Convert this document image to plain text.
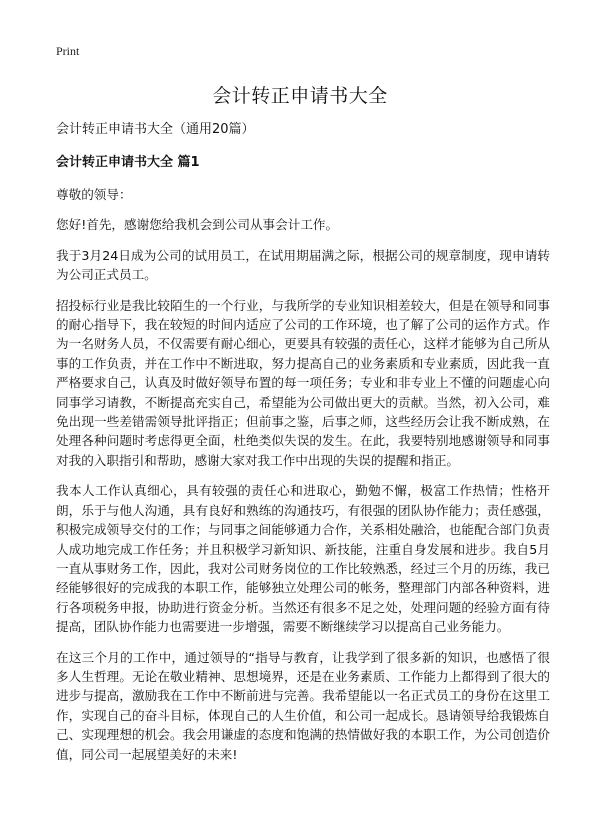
Print
会计转正申请书大全

会计转正申请书大全（通用20篇）

会计转正申请书大全 篇1

尊敬的领导：

您好!首先，感谢您给我机会到公司从事会计工作。

我于3月24日成为公司的试用员工，在试用期届满之际，根据公司的规章制度，现申请转为公司正式员工。

招投标行业是我比较陌生的一个行业，与我所学的专业知识相差较大，但是在领导和同事的耐心指导下，我在较短的时间内适应了公司的工作环境，也了解了公司的运作方式。作为一名财务人员，不仅需要有耐心细心，更要具有较强的责任心，这样才能够为自己所从事的工作负责，并在工作中不断进取，努力提高自己的业务素质和专业素质，因此我一直严格要求自己，认真及时做好领导布置的每一项任务；专业和非专业上不懂的问题虚心向同事学习请教，不断提高充实自己，希望能为公司做出更大的贡献。当然，初入公司，难免出现一些差错需领导批评指正；但前事之鉴，后事之师，这些经历会让我不断成熟，在处理各种问题时考虑得更全面，杜绝类似失误的发生。在此，我要特别地感谢领导和同事对我的入职指引和帮助，感谢大家对我工作中出现的失误的提醒和指正。

我本人工作认真细心，具有较强的责任心和进取心，勤勉不懈，极富工作热情；性格开朗，乐于与他人沟通，具有良好和熟练的沟通技巧，有很强的团队协作能力；责任感强，积极完成领导交付的工作；与同事之间能够通力合作，关系相处融洽，也能配合部门负责人成功地完成工作任务；并且积极学习新知识、新技能，注重自身发展和进步。我自5月一直从事财务工作，因此，我对公司财务岗位的工作比较熟悉，经过三个月的历练，我已经能够很好的完成我的本职工作，能够独立处理公司的帐务，整理部门内部各种资料，进行各项税务申报，协助进行资金分析。当然还有很多不足之处，处理问题的经验方面有待提高，团队协作能力也需要进一步增强，需要不断继续学习以提高自己业务能力。

在这三个月的工作中，通过领导的“指导与教育，让我学到了很多新的知识，也感悟了很多人生哲理。无论在敬业精神、思想境界，还是在业务素质、工作能力上都得到了很大的进步与提高，激励我在工作中不断前进与完善。我希望能以一名正式员工的身份在这里工作，实现自己的奋斗目标，体现自己的人生价值，和公司一起成长。恳请领导给我锻炼自己、实现理想的机会。我会用谦虚的态度和饱满的热情做好我的本职工作，为公司创造价值，同公司一起展望美好的未来!
